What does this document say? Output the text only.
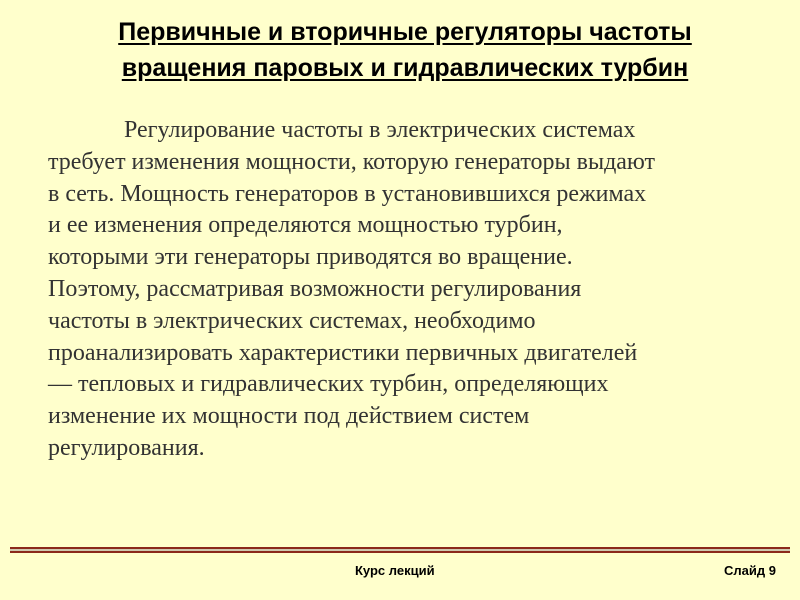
Первичные и вторичные регуляторы частоты
вращения паровых и гидравлических турбин

Регулирование частоты в электрических системах
требует изменения мощности, которую генераторы выдают
в сеть. Мощность генераторов в установившихся режимах
и ее изменения определяются мощностью турбин,
которыми эти генераторы приводятся во вращение.
Поэтому, рассматривая возможности регулирования
частоты в электрических системах, необходимо
проанализировать характеристики первичных двигателей
— тепловых и гидравлических турбин, определяющих
изменение их мощности под действием систем
регулирования.

Курс лекций	Слайд 9
